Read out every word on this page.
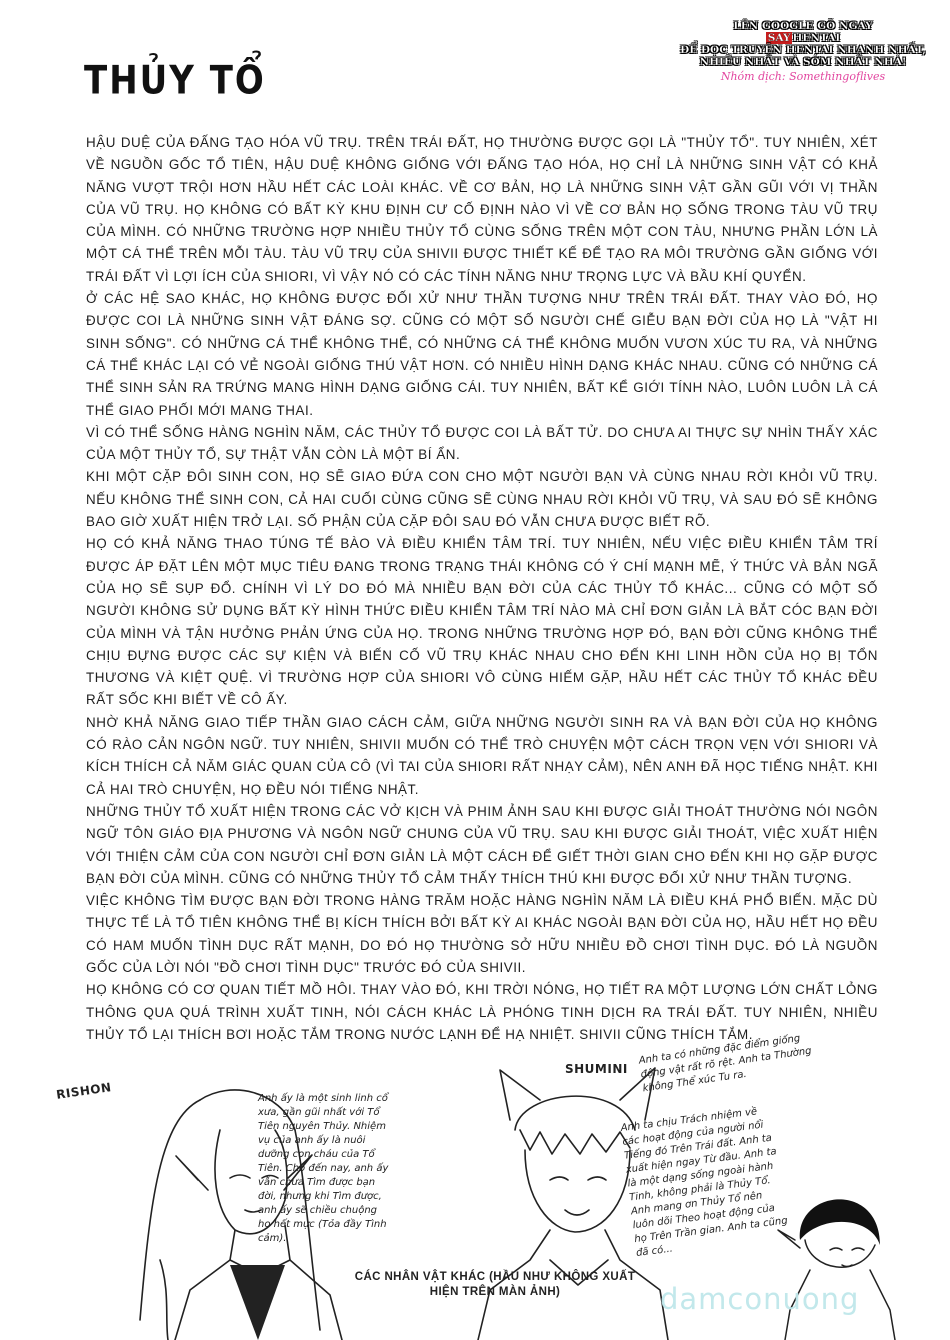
THỦY TỔ
LÊN GOOGLE GÕ NGAY
SAY HENTAI
ĐỂ ĐỌC TRUYỆN HENTAI NHANH NHẤT, NHIỀU NHẤT VÀ SỚM NHẤT NHÁ!
Nhóm dịch: Somethingoflives

HẬU DUỆ CỦA ĐẤNG TẠO HÓA VŨ TRỤ. TRÊN TRÁI ĐẤT, HỌ THƯỜNG ĐƯỢC GỌI LÀ "THỦY TỔ". TUY NHIÊN, XÉT VỀ NGUỒN GỐC TỔ TIÊN, HẬU DUỆ KHÔNG GIỐNG VỚI ĐẤNG TẠO HÓA, HỌ CHỈ LÀ NHỮNG SINH VẬT CÓ KHẢ NĂNG VƯỢT TRỘI HƠN HẦU HẾT CÁC LOÀI KHÁC. VỀ CƠ BẢN, HỌ LÀ NHỮNG SINH VẬT GẦN GŨI VỚI VỊ THẦN CỦA VŨ TRỤ. HỌ KHÔNG CÓ BẤT KỲ KHU ĐỊNH CƯ CỐ ĐỊNH NÀO VÌ VỀ CƠ BẢN HỌ SỐNG TRONG TÀU VŨ TRỤ CỦA MÌNH. CÓ NHỮNG TRƯỜNG HỢP NHIỀU THỦY TỔ CÙNG SỐNG TRÊN MỘT CON TÀU, NHƯNG PHẦN LỚN LÀ MỘT CÁ THỂ TRÊN MỖI TÀU. TÀU VŨ TRỤ CỦA SHIVII ĐƯỢC THIẾT KẾ ĐỂ TẠO RA MÔI TRƯỜNG GẦN GIỐNG VỚI TRÁI ĐẤT VÌ LỢI ÍCH CỦA SHIORI, VÌ VẬY NÓ CÓ CÁC TÍNH NĂNG NHƯ TRỌNG LỰC VÀ BẦU KHÍ QUYỂN.

Ở CÁC HỆ SAO KHÁC, HỌ KHÔNG ĐƯỢC ĐỐI XỬ NHƯ THẦN TƯỢNG NHƯ TRÊN TRÁI ĐẤT. THAY VÀO ĐÓ, HỌ ĐƯỢC COI LÀ NHỮNG SINH VẬT ĐÁNG SỢ. CŨNG CÓ MỘT SỐ NGƯỜI CHẾ GIỄU BẠN ĐỜI CỦA HỌ LÀ "VẬT HI SINH SỐNG". CÓ NHỮNG CÁ THỂ KHÔNG THỂ, CÓ NHỮNG CÁ THỂ KHÔNG MUỐN VƯƠN XÚC TU RA, VÀ NHỮNG CÁ THỂ KHÁC LẠI CÓ VẺ NGOÀI GIỐNG THÚ VẬT HƠN. CÓ NHIỀU HÌNH DẠNG KHÁC NHAU. CŨNG CÓ NHỮNG CÁ THỂ SINH SẢN RA TRỨNG MANG HÌNH DẠNG GIỐNG CÁI. TUY NHIÊN, BẤT KỂ GIỚI TÍNH NÀO, LUÔN LUÔN LÀ CÁ THỂ GIAO PHỐI MỚI MANG THAI.

VÌ CÓ THỂ SỐNG HÀNG NGHÌN NĂM, CÁC THỦY TỔ ĐƯỢC COI LÀ BẤT TỬ. DO CHƯA AI THỰC SỰ NHÌN THẤY XÁC CỦA MỘT THỦY TỔ, SỰ THẬT VẪN CÒN LÀ MỘT BÍ ẨN.

KHI MỘT CẶP ĐÔI SINH CON, HỌ SẼ GIAO ĐỨA CON CHO MỘT NGƯỜI BẠN VÀ CÙNG NHAU RỜI KHỎI VŨ TRỤ. NẾU KHÔNG THỂ SINH CON, CẢ HAI CUỐI CÙNG CŨNG SẼ CÙNG NHAU RỜI KHỎI VŨ TRỤ, VÀ SAU ĐÓ SẼ KHÔNG BAO GIỜ XUẤT HIỆN TRỞ LẠI. SỐ PHẬN CỦA CẶP ĐÔI SAU ĐÓ VẪN CHƯA ĐƯỢC BIẾT RÕ.

HỌ CÓ KHẢ NĂNG THAO TÚNG TẾ BÀO VÀ ĐIỀU KHIỂN TÂM TRÍ. TUY NHIÊN, NẾU VIỆC ĐIỀU KHIỂN TÂM TRÍ ĐƯỢC ÁP ĐẶT LÊN MỘT MỤC TIÊU ĐANG TRONG TRẠNG THÁI KHÔNG CÓ Ý CHÍ MẠNH MẼ, Ý THỨC VÀ BẢN NGÃ CỦA HỌ SẼ SỤP ĐỔ. CHÍNH VÌ LÝ DO ĐÓ MÀ NHIỀU BẠN ĐỜI CỦA CÁC THỦY TỔ KHÁC... CŨNG CÓ MỘT SỐ NGƯỜI KHÔNG SỬ DỤNG BẤT KỲ HÌNH THỨC ĐIỀU KHIỂN TÂM TRÍ NÀO MÀ CHỈ ĐƠN GIẢN LÀ BẮT CÓC BẠN ĐỜI CỦA MÌNH VÀ TẬN HƯỞNG PHẢN ỨNG CỦA HỌ. TRONG NHỮNG TRƯỜNG HỢP ĐÓ, BẠN ĐỜI CŨNG KHÔNG THỂ CHỊU ĐỰNG ĐƯỢC CÁC SỰ KIỆN VÀ BIẾN CỐ VŨ TRỤ KHÁC NHAU CHO ĐẾN KHI LINH HỒN CỦA HỌ BỊ TỔN THƯƠNG VÀ KIỆT QUỆ. VÌ TRƯỜNG HỢP CỦA SHIORI VÔ CÙNG HIẾM GẶP, HẦU HẾT CÁC THỦY TỔ KHÁC ĐỀU RẤT SỐC KHI BIẾT VỀ CÔ ẤY.

NHỜ KHẢ NĂNG GIAO TIẾP THẦN GIAO CÁCH CẢM, GIỮA NHỮNG NGƯỜI SINH RA VÀ BẠN ĐỜI CỦA HỌ KHÔNG CÓ RÀO CẢN NGÔN NGỮ. TUY NHIÊN, SHIVII MUỐN CÓ THỂ TRÒ CHUYỆN MỘT CÁCH TRỌN VẸN VỚI SHIORI VÀ KÍCH THÍCH CẢ NĂM GIÁC QUAN CỦA CÔ (VÌ TAI CỦA SHIORI RẤT NHẠY CẢM), NÊN ANH ĐÃ HỌC TIẾNG NHẬT. KHI CẢ HAI TRÒ CHUYỆN, HỌ ĐỀU NÓI TIẾNG NHẬT.

NHỮNG THỦY TỔ XUẤT HIỆN TRONG CÁC VỞ KỊCH VÀ PHIM ẢNH SAU KHI ĐƯỢC GIẢI THOÁT THƯỜNG NÓI NGÔN NGỮ TÔN GIÁO ĐỊA PHƯƠNG VÀ NGÔN NGỮ CHUNG CỦA VŨ TRỤ. SAU KHI ĐƯỢC GIẢI THOÁT, VIỆC XUẤT HIỆN VỚI THIỆN CẢM CỦA CON NGƯỜI CHỈ ĐƠN GIẢN LÀ MỘT CÁCH ĐỂ GIẾT THỜI GIAN CHO ĐẾN KHI HỌ GẶP ĐƯỢC BẠN ĐỜI CỦA MÌNH. CŨNG CÓ NHỮNG THỦY TỔ CẢM THẤY THÍCH THÚ KHI ĐƯỢC ĐỐI XỬ NHƯ THẦN TƯỢNG.

VIỆC KHÔNG TÌM ĐƯỢC BẠN ĐỜI TRONG HÀNG TRĂM HOẶC HÀNG NGHÌN NĂM LÀ ĐIỀU KHÁ PHỔ BIẾN. MẶC DÙ THỰC TẾ LÀ TỔ TIÊN KHÔNG THỂ BỊ KÍCH THÍCH BỞI BẤT KỲ AI KHÁC NGOÀI BẠN ĐỜI CỦA HỌ, HẦU HẾT HỌ ĐỀU CÓ HAM MUỐN TÌNH DỤC RẤT MẠNH, DO ĐÓ HỌ THƯỜNG SỞ HỮU NHIỀU ĐỒ CHƠI TÌNH DỤC. ĐÓ LÀ NGUỒN GỐC CỦA LỜI NÓI "ĐỒ CHƠI TÌNH DỤC" TRƯỚC ĐÓ CỦA SHIVII.

HỌ KHÔNG CÓ CƠ QUAN TIẾT MỒ HÔI. THAY VÀO ĐÓ, KHI TRỜI NÓNG, HỌ TIẾT RA MỘT LƯỢNG LỚN CHẤT LỎNG THÔNG QUA QUÁ TRÌNH XUẤT TINH, NÓI CÁCH KHÁC LÀ PHÓNG TINH DỊCH RA TRÁI ĐẤT. TUY NHIÊN, NHIỀU THỦY TỔ LẠI THÍCH BƠI HOẶC TẮM TRONG NƯỚC LẠNH ĐỂ HẠ NHIỆT. SHIVII CŨNG THÍCH TẮM.

RISHON	Anh ấy là một sinh linh cổ xưa, gần gũi nhất với Tổ Tiên nguyên Thủy. Nhiệm vụ của anh ấy là nuôi dưỡng con cháu của Tổ Tiên. Cho đến nay, anh ấy vẫn chưa Tìm được bạn đời, nhưng khi Tìm được, anh ấy sẽ chiều chuộng họ hết mực (Tỏa đầy Tình cảm).
SHUMINI
Anh ta có những đặc điểm giống động vật rất rõ rệt. Anh ta Thường không Thể xúc Tu ra.
Anh ta chịu Trách nhiệm về các hoạt động của người nổi Tiếng đó Trên Trái đất. Anh ta xuất hiện ngay Từ đầu. Anh ta là một dạng sống ngoài hành Tinh, không phải là Thủy Tổ. Anh mang ơn Thủy Tổ nên luôn dõi Theo hoạt động của họ Trên Trần gian. Anh ta cũng đã có...
CÁC NHÂN VẬT KHÁC (HẦU NHƯ KHÔNG XUẤT HIỆN TRÊN MÀN ẢNH)	damconuong
